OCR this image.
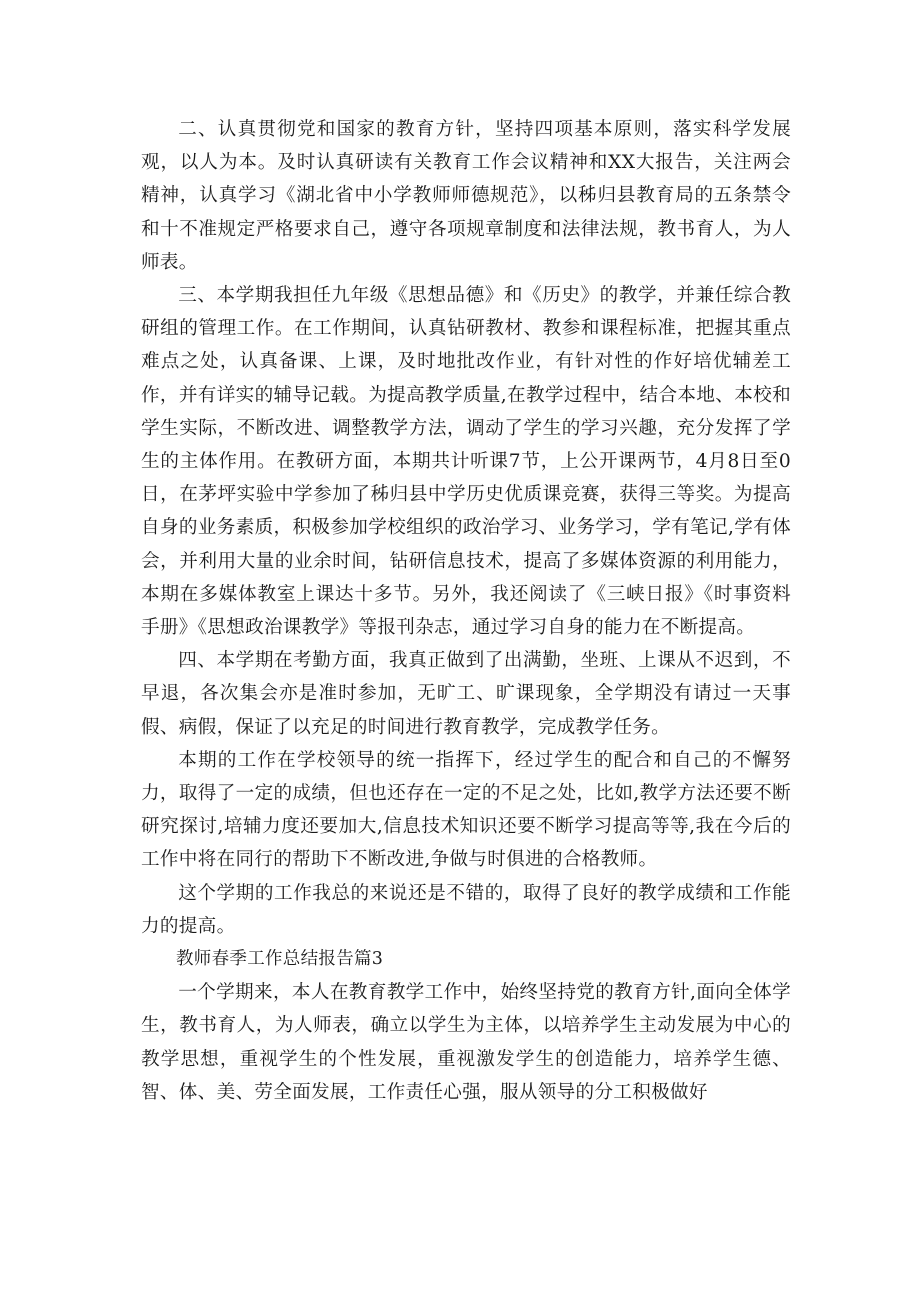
二、认真贯彻党和国家的教育方针，坚持四项基本原则，落实科学发展观，以人为本。及时认真研读有关教育工作会议精神和XX大报告，关注两会精神，认真学习《湖北省中小学教师师德规范》，以秭归县教育局的五条禁令和十不准规定严格要求自己，遵守各项规章制度和法律法规，教书育人，为人师表。

三、本学期我担任九年级《思想品德》和《历史》的教学，并兼任综合教研组的管理工作。在工作期间，认真钻研教材、教参和课程标准，把握其重点难点之处，认真备课、上课，及时地批改作业，有针对性的作好培优辅差工作，并有详实的辅导记载。为提高教学质量,在教学过程中，结合本地、本校和学生实际，不断改进、调整教学方法，调动了学生的学习兴趣，充分发挥了学生的主体作用。在教研方面，本期共计听课7节，上公开课两节，4月8日至0日，在茅坪实验中学参加了秭归县中学历史优质课竞赛，获得三等奖。为提高自身的业务素质，积极参加学校组织的政治学习、业务学习，学有笔记,学有体会，并利用大量的业余时间，钻研信息技术，提高了多媒体资源的利用能力，本期在多媒体教室上课达十多节。另外，我还阅读了《三峡日报》《时事资料手册》《思想政治课教学》等报刊杂志，通过学习自身的能力在不断提高。

四、本学期在考勤方面，我真正做到了出满勤，坐班、上课从不迟到，不早退，各次集会亦是准时参加，无旷工、旷课现象，全学期没有请过一天事假、病假，保证了以充足的时间进行教育教学，完成教学任务。

本期的工作在学校领导的统一指挥下，经过学生的配合和自己的不懈努力，取得了一定的成绩，但也还存在一定的不足之处，比如,教学方法还要不断研究探讨,培辅力度还要加大,信息技术知识还要不断学习提高等等,我在今后的工作中将在同行的帮助下不断改进,争做与时俱进的合格教师。

这个学期的工作我总的来说还是不错的，取得了良好的教学成绩和工作能力的提高。

教师春季工作总结报告篇3

一个学期来，本人在教育教学工作中，始终坚持党的教育方针,面向全体学生，教书育人，为人师表，确立以学生为主体，以培养学生主动发展为中心的教学思想，重视学生的个性发展，重视激发学生的创造能力，培养学生德、智、体、美、劳全面发展，工作责任心强，服从领导的分工积极做好
